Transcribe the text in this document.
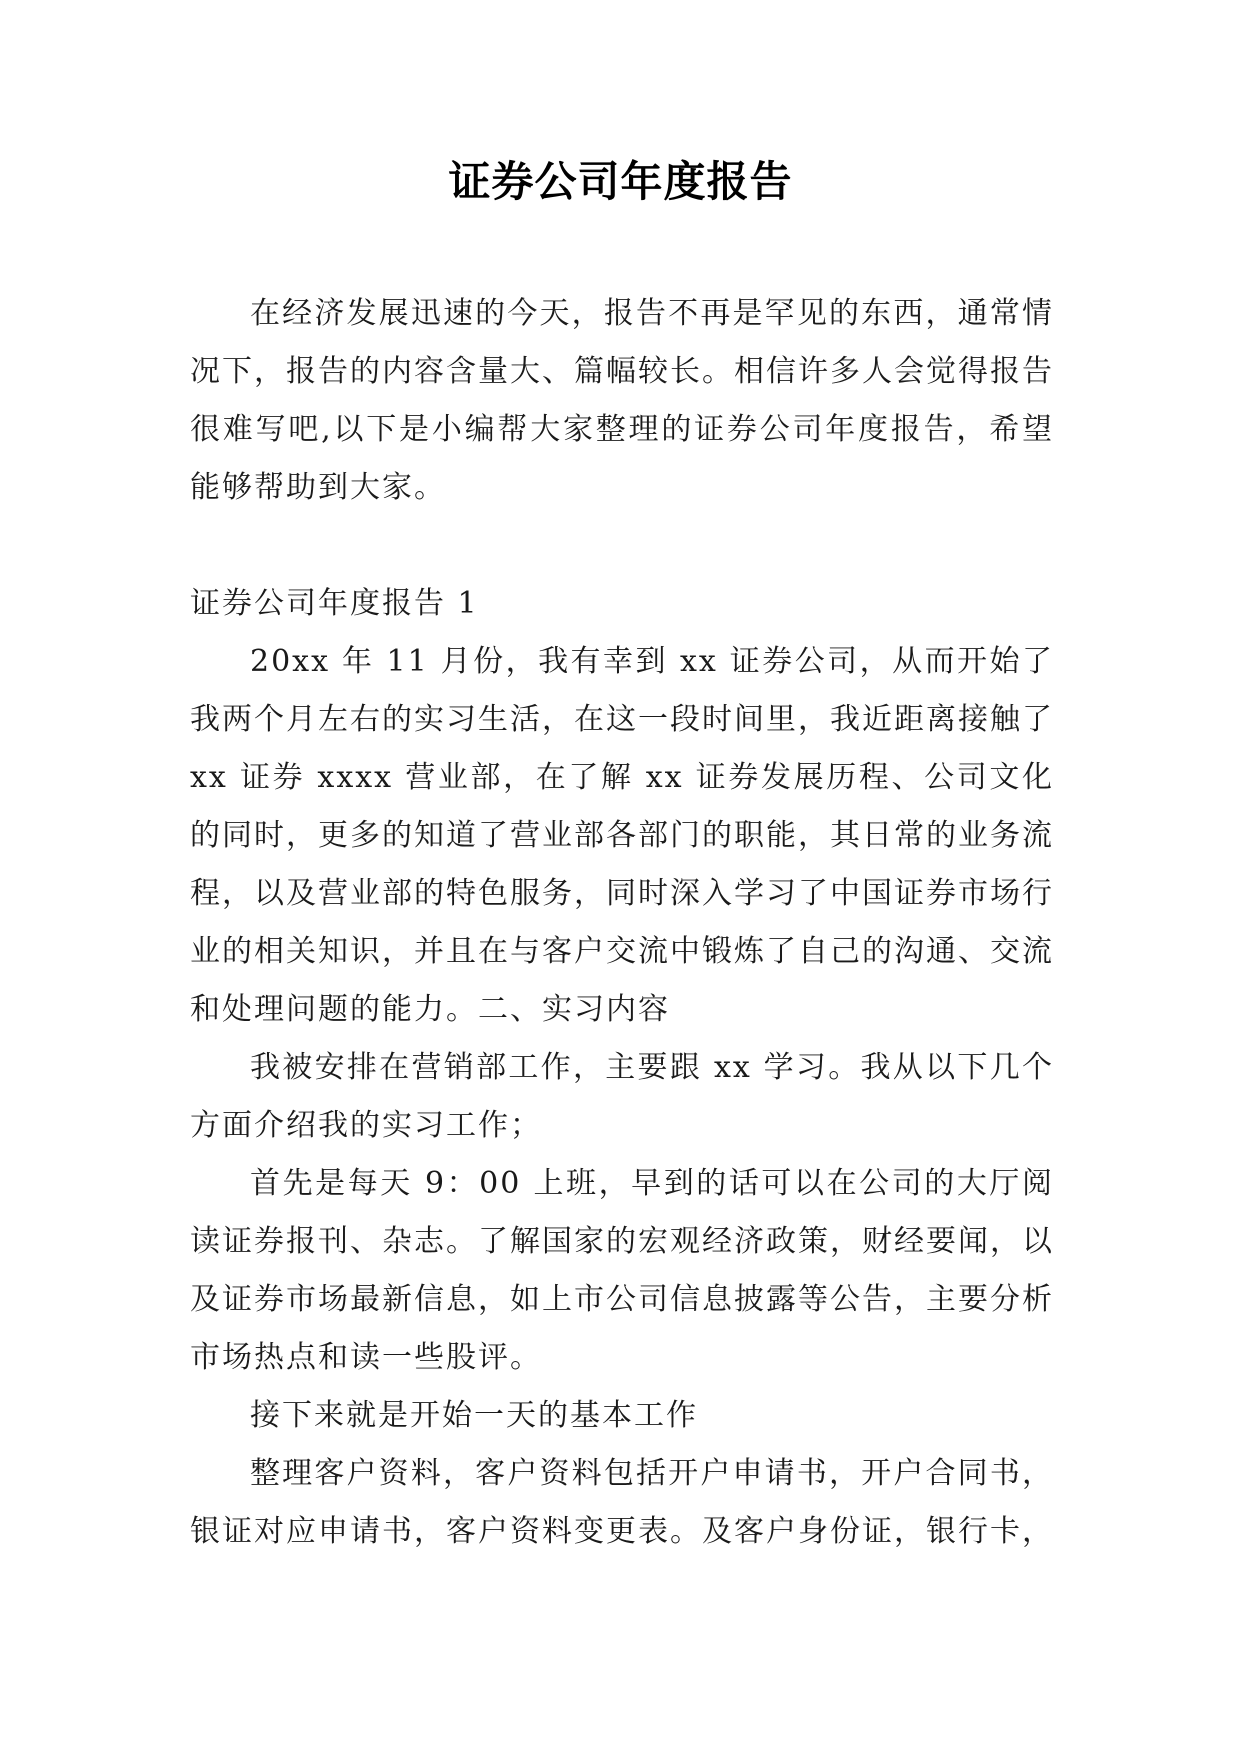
证券公司年度报告

在经济发展迅速的今天，报告不再是罕见的东西，通常情况下，报告的内容含量大、篇幅较长。相信许多人会觉得报告很难写吧,以下是小编帮大家整理的证券公司年度报告，希望能够帮助到大家。

证券公司年度报告 1

20xx 年 11 月份，我有幸到 xx 证券公司，从而开始了我两个月左右的实习生活，在这一段时间里，我近距离接触了 xx 证券 xxxx 营业部，在了解 xx 证券发展历程、公司文化的同时，更多的知道了营业部各部门的职能，其日常的业务流程，以及营业部的特色服务，同时深入学习了中国证券市场行业的相关知识，并且在与客户交流中锻炼了自己的沟通、交流和处理问题的能力。二、实习内容

我被安排在营销部工作，主要跟 xx 学习。我从以下几个方面介绍我的实习工作；

首先是每天 9：00 上班，早到的话可以在公司的大厅阅读证券报刊、杂志。了解国家的宏观经济政策，财经要闻，以及证券市场最新信息，如上市公司信息披露等公告，主要分析市场热点和读一些股评。

接下来就是开始一天的基本工作

整理客户资料，客户资料包括开户申请书，开户合同书，银证对应申请书，客户资料变更表。及客户身份证，银行卡，
